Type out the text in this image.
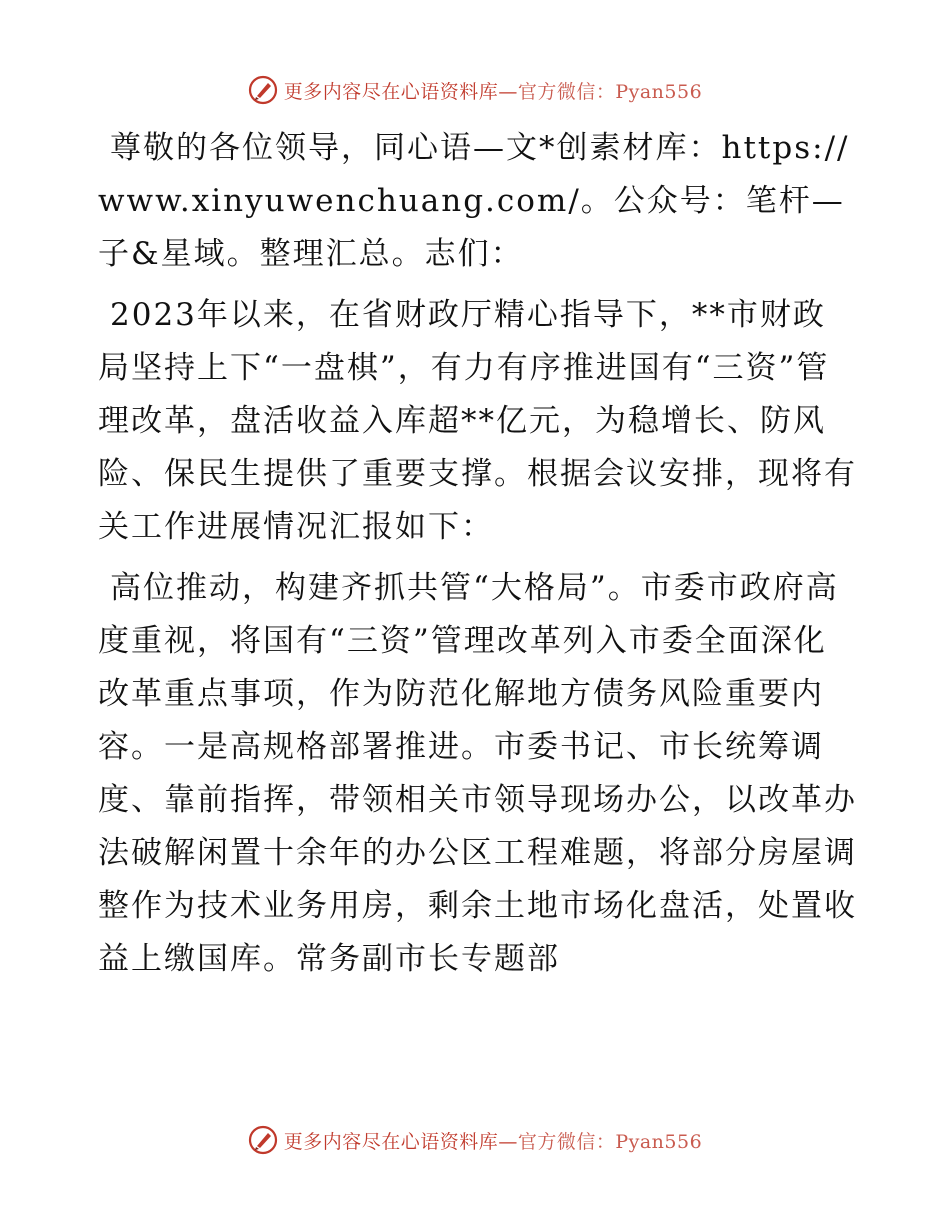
更多内容尽在心语资料库—官方微信：Pyan556

尊敬的各位领导，同心语—文*创素材库：https://www.xinyuwenchuang.com/。公众号：笔杆—子&星域。整理汇总。志们：

2023年以来，在省财政厅精心指导下，**市财政局坚持上下“一盘棋”，有力有序推进国有“三资”管理改革，盘活收益入库超**亿元，为稳增长、防风险、保民生提供了重要支撑。根据会议安排，现将有关工作进展情况汇报如下：

高位推动，构建齐抓共管“大格局”。市委市政府高度重视，将国有“三资”管理改革列入市委全面深化改革重点事项，作为防范化解地方债务风险重要内容。一是高规格部署推进。市委书记、市长统筹调度、靠前指挥，带领相关市领导现场办公，以改革办法破解闲置十余年的办公区工程难题，将部分房屋调整作为技术业务用房，剩余土地市场化盘活，处置收益上缴国库。常务副市长专题部

更多内容尽在心语资料库—官方微信：Pyan556
